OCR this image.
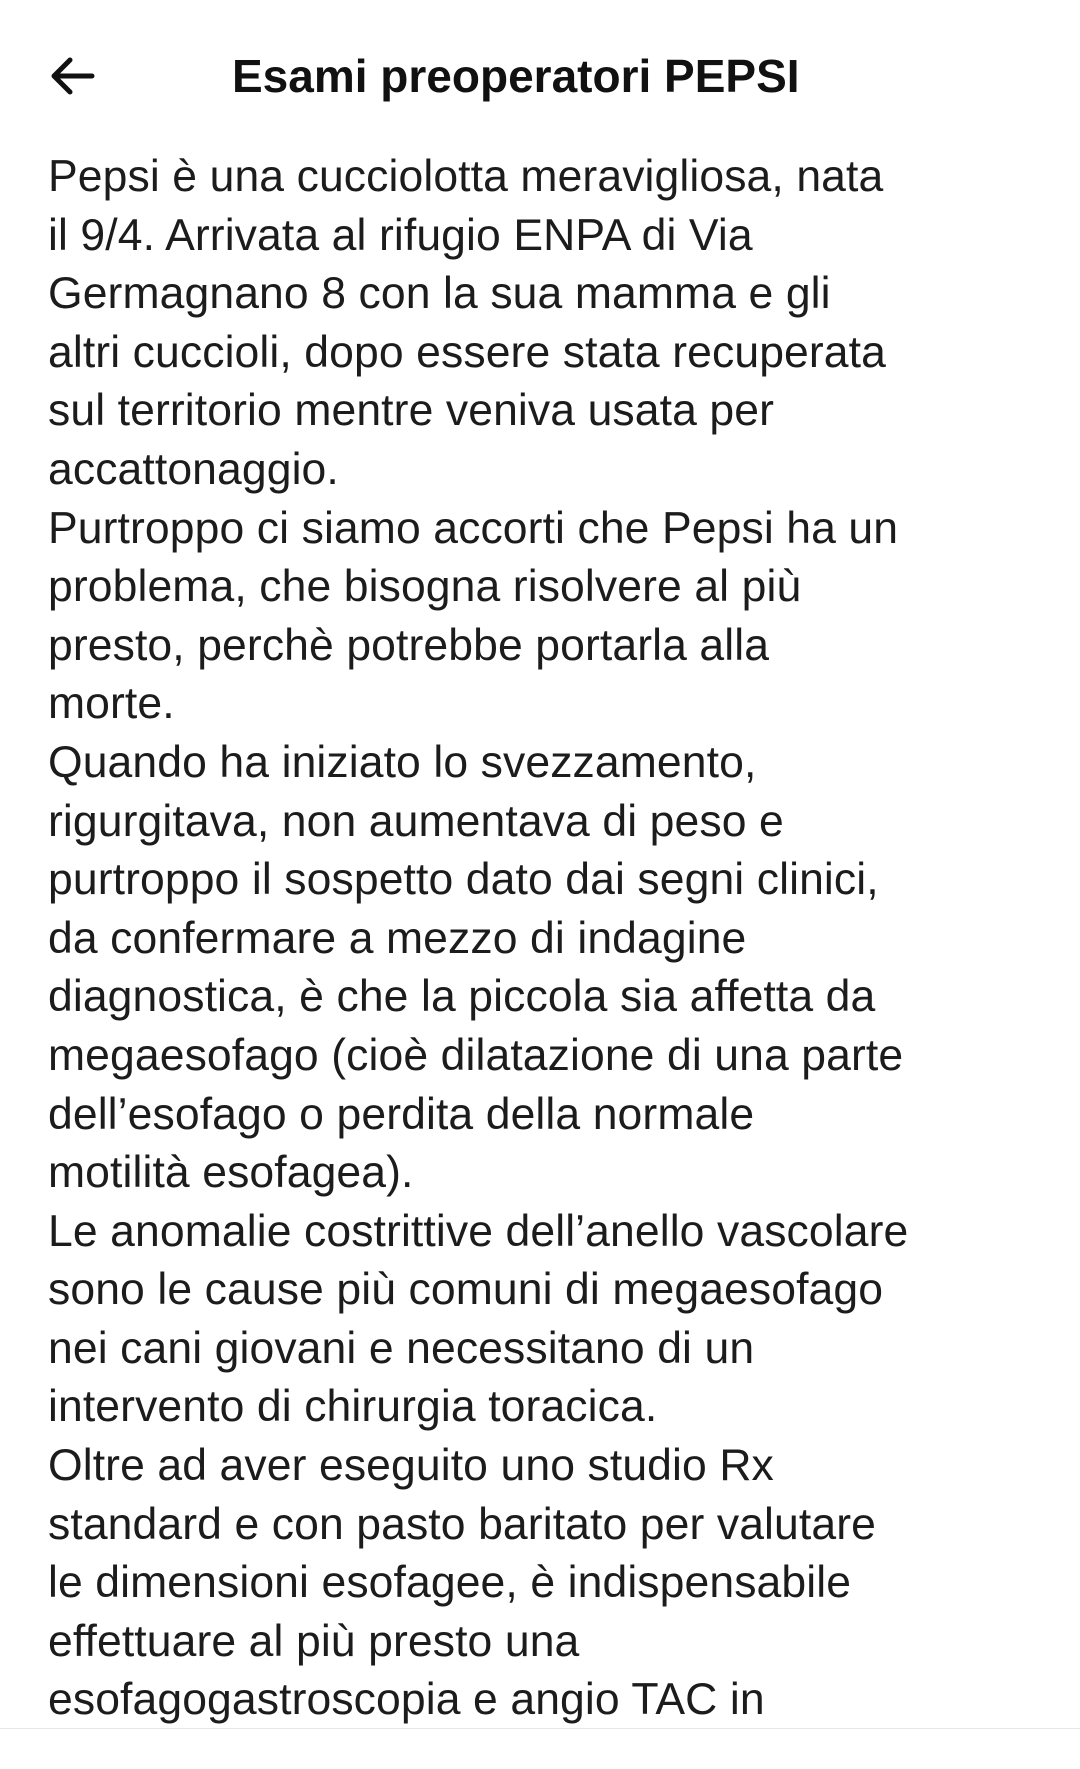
Esami preoperatori PEPSI

Pepsi è una cucciolotta meravigliosa, nata
il 9/4. Arrivata al rifugio ENPA di Via
Germagnano 8 con la sua mamma e gli
altri cuccioli, dopo essere stata recuperata
sul territorio mentre veniva usata per
accattonaggio.
Purtroppo ci siamo accorti che Pepsi ha un
problema, che bisogna risolvere al più
presto, perchè potrebbe portarla alla
morte.
Quando ha iniziato lo svezzamento,
rigurgitava, non aumentava di peso e
purtroppo il sospetto dato dai segni clinici,
da confermare a mezzo di indagine
diagnostica, è che la piccola sia affetta da
megaesofago (cioè dilatazione di una parte
dell’esofago o perdita della normale
motilità esofagea).
Le anomalie costrittive dell’anello vascolare
sono le cause più comuni di megaesofago
nei cani giovani e necessitano di un
intervento di chirurgia toracica.
Oltre ad aver eseguito uno studio Rx
standard e con pasto baritato per valutare
le dimensioni esofagee, è indispensabile
effettuare al più presto una
esofagogastroscopia e angio TAC in
